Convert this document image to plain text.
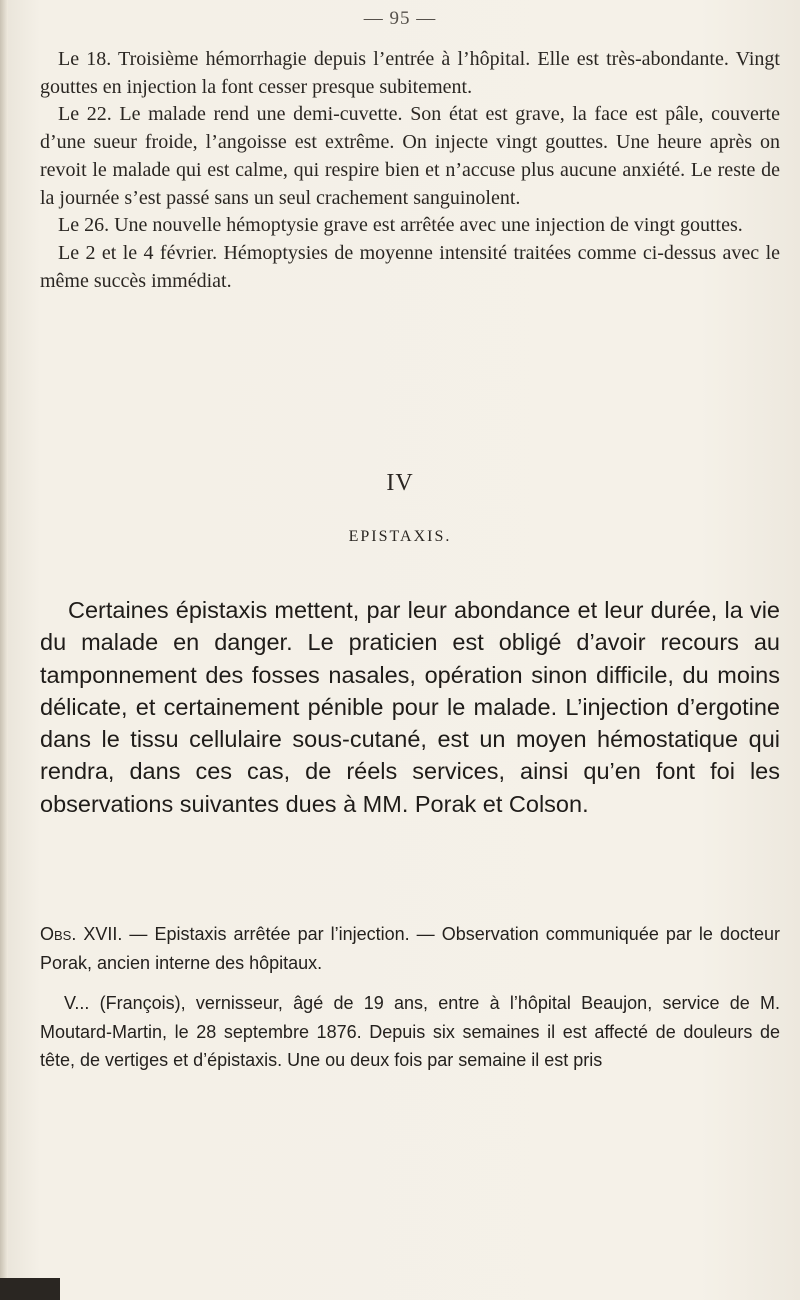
— 95 —

Le 18. Troisième hémorrhagie depuis l’entrée à l’hôpital. Elle est très-abondante. Vingt gouttes en injection la font cesser presque subitement.

Le 22. Le malade rend une demi-cuvette. Son état est grave, la face est pâle, couverte d’une sueur froide, l’angoisse est extrême. On injecte vingt gouttes. Une heure après on revoit le malade qui est calme, qui respire bien et n’accuse plus aucune anxiété. Le reste de la journée s’est passé sans un seul crachement sanguinolent.

Le 26. Une nouvelle hémoptysie grave est arrêtée avec une injection de vingt gouttes.

Le 2 et le 4 février. Hémoptysies de moyenne intensité traitées comme ci-dessus avec le même succès immédiat.

IV
EPISTAXIS.

Certaines épistaxis mettent, par leur abondance et leur durée, la vie du malade en danger. Le praticien est obligé d’avoir recours au tamponnement des fosses nasales, opération sinon difficile, du moins délicate, et certainement pénible pour le malade. L’injection d’ergotine dans le tissu cellulaire sous-cutané, est un moyen hémostatique qui rendra, dans ces cas, de réels services, ainsi qu’en font foi les observations suivantes dues à MM. Porak et Colson.

Obs. XVII. — Epistaxis arrêtée par l’injection. — Observation communiquée par le docteur Porak, ancien interne des hôpitaux.

V... (François), vernisseur, âgé de 19 ans, entre à l’hôpital Beaujon, service de M. Moutard-Martin, le 28 septembre 1876. Depuis six semaines il est affecté de douleurs de tête, de vertiges et d’épistaxis. Une ou deux fois par semaine il est pris
